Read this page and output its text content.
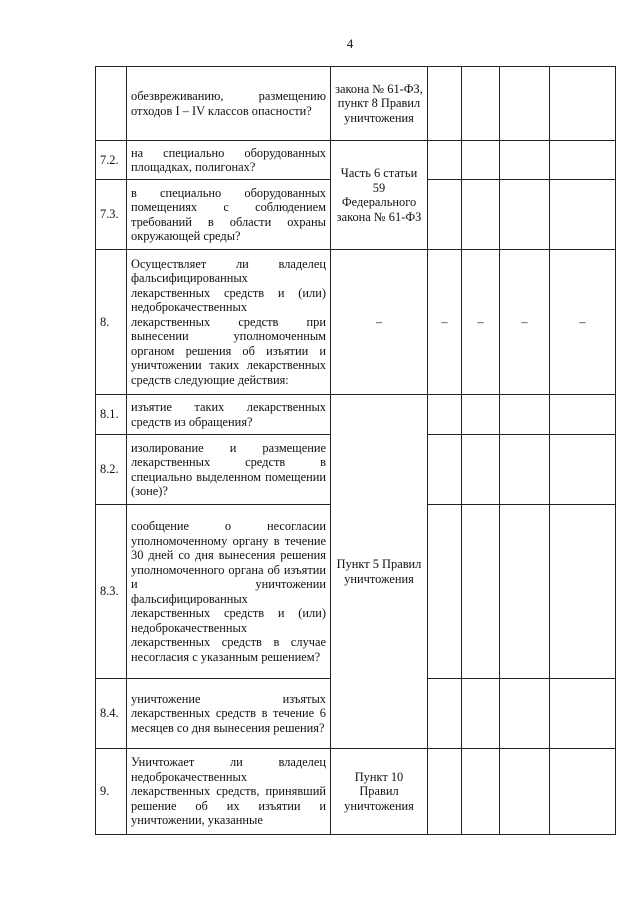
4
	обезвреживанию, размещению отходов I – IV классов опасности?	закона № 61-ФЗ, пункт 8 Правил уничтожения				
7.2.	на специально оборудованных площадках, полигонах?	Часть 6 статьи 59 Федерального закона № 61-ФЗ				
7.3.	в специально оборудованных помещениях с соблюдением требований в области охраны окружающей среды?					
8.	Осуществляет ли владелец фальсифицированных лекарственных средств и (или) недоброкачественных лекарственных средств при вынесении уполномоченным органом решения об изъятии и уничтожении таких лекарственных средств следующие действия:	–	–	–	–	–
8.1.	изъятие таких лекарственных средств из обращения?	Пункт 5 Правил уничтожения				
8.2.	изолирование и размещение лекарственных средств в специально выделенном помещении (зоне)?					
8.3.	сообщение о несогласии уполномоченному органу в течение 30 дней со дня вынесения решения уполномоченного органа об изъятии и уничтожении фальсифицированных лекарственных средств и (или) недоброкачественных лекарственных средств в случае несогласия с указанным решением?					
8.4.	уничтожение изъятых лекарственных средств в течение 6 месяцев со дня вынесения решения?					
9.	Уничтожает ли владелец недоброкачественных лекарственных средств, принявший решение об их изъятии и уничтожении, указанные	Пункт 10 Правил уничтожения				
